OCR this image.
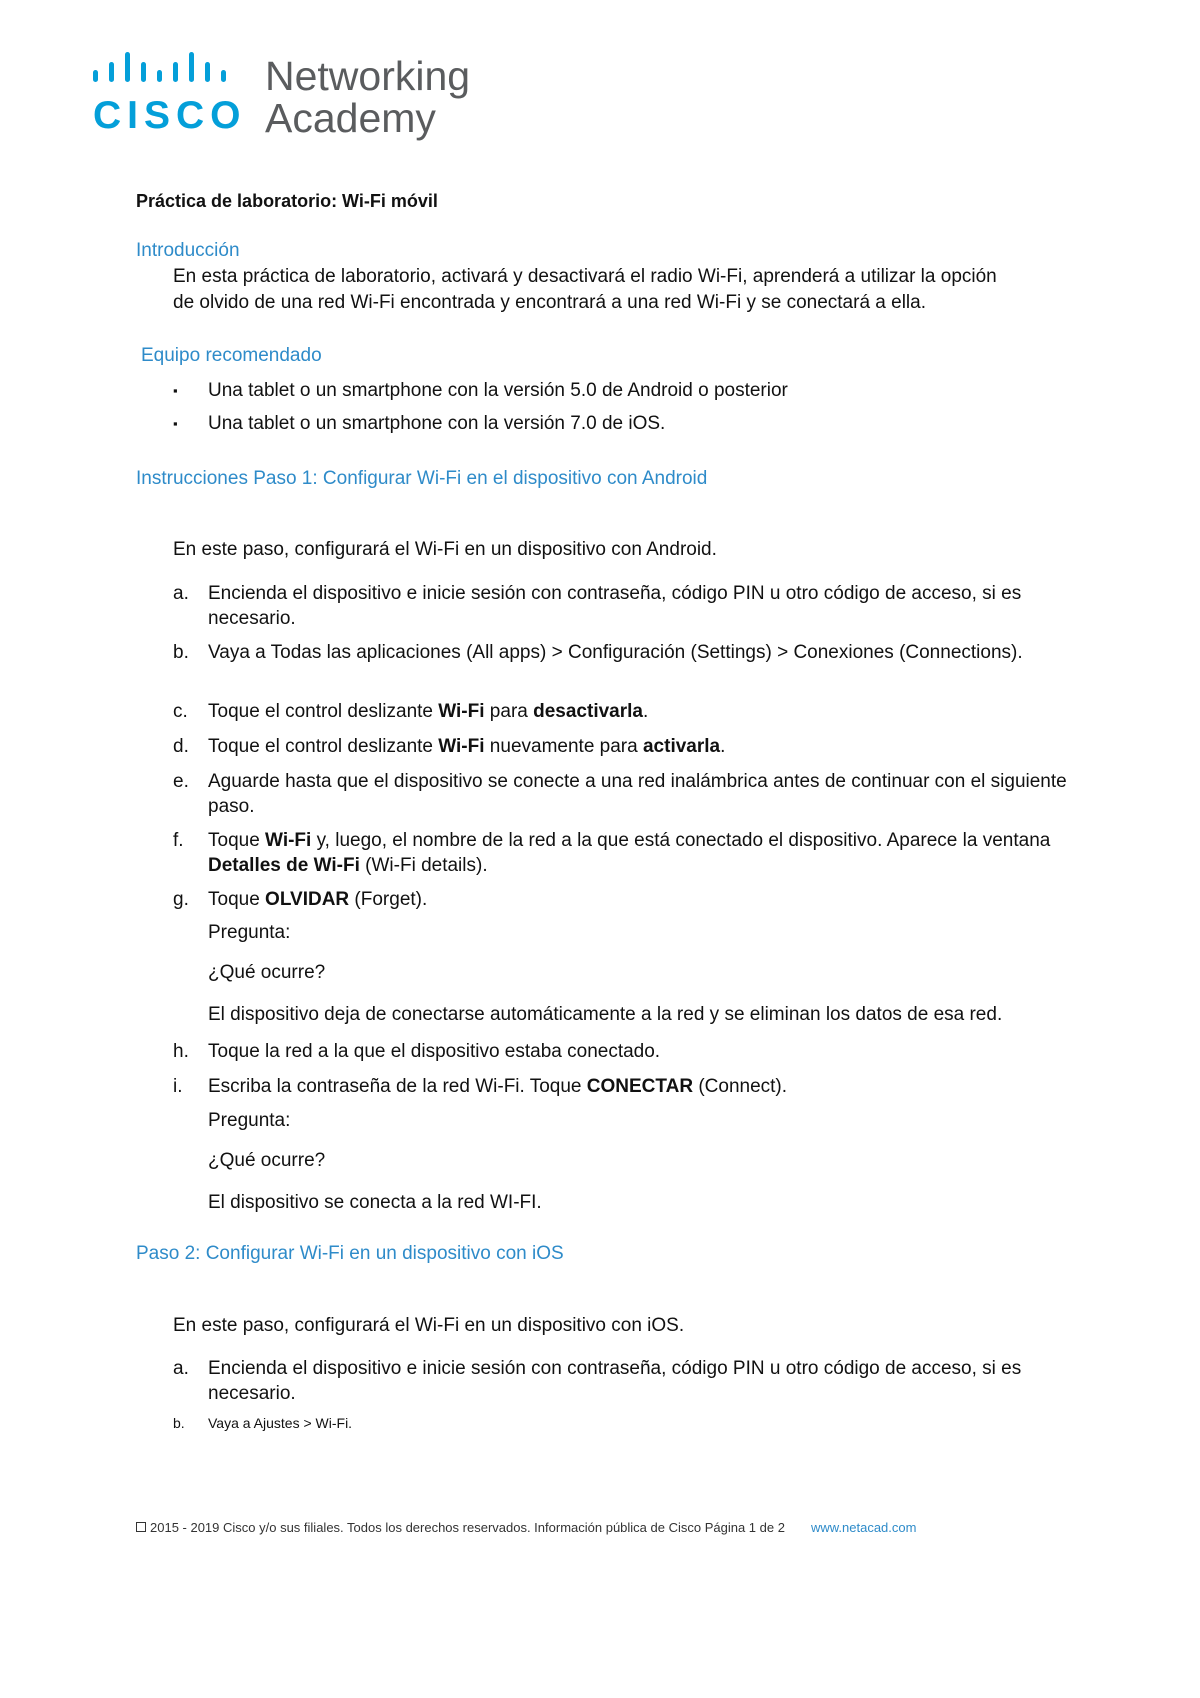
CISCO
Networking
Academy
Práctica de laboratorio: Wi-Fi móvil
Introducción
En esta práctica de laboratorio, activará y desactivará el radio Wi-Fi, aprenderá a utilizar la opción
de olvido de una red Wi-Fi encontrada y encontrará a una red Wi-Fi y se conectará a ella.
Equipo recomendado
▪ Una tablet o un smartphone con la versión 5.0 de Android o posterior
▪ Una tablet o un smartphone con la versión 7.0 de iOS.
Instrucciones Paso 1: Configurar Wi-Fi en el dispositivo con Android
En este paso, configurará el Wi-Fi en un dispositivo con Android.
a. Encienda el dispositivo e inicie sesión con contraseña, código PIN u otro código de acceso, si es necesario.
b. Vaya a Todas las aplicaciones (All apps) > Configuración (Settings) > Conexiones (Connections).
c. Toque el control deslizante Wi-Fi para desactivarla.
d. Toque el control deslizante Wi-Fi nuevamente para activarla.
e. Aguarde hasta que el dispositivo se conecte a una red inalámbrica antes de continuar con el siguiente paso.
f. Toque Wi-Fi y, luego, el nombre de la red a la que está conectado el dispositivo. Aparece la ventana Detalles de Wi-Fi (Wi-Fi details).
g. Toque OLVIDAR (Forget).
Pregunta:
¿Qué ocurre?
El dispositivo deja de conectarse automáticamente a la red y se eliminan los datos de esa red.
h. Toque la red a la que el dispositivo estaba conectado.
i. Escriba la contraseña de la red Wi-Fi. Toque CONECTAR (Connect).
Pregunta:
¿Qué ocurre?
El dispositivo se conecta a la red WI-FI.
Paso 2: Configurar Wi-Fi en un dispositivo con iOS
En este paso, configurará el Wi-Fi en un dispositivo con iOS.
a. Encienda el dispositivo e inicie sesión con contraseña, código PIN u otro código de acceso, si es necesario.
b. Vaya a Ajustes > Wi-Fi.
2015 - 2019 Cisco y/o sus filiales. Todos los derechos reservados. Información pública de Cisco Página 1 de 2 www.netacad.com
